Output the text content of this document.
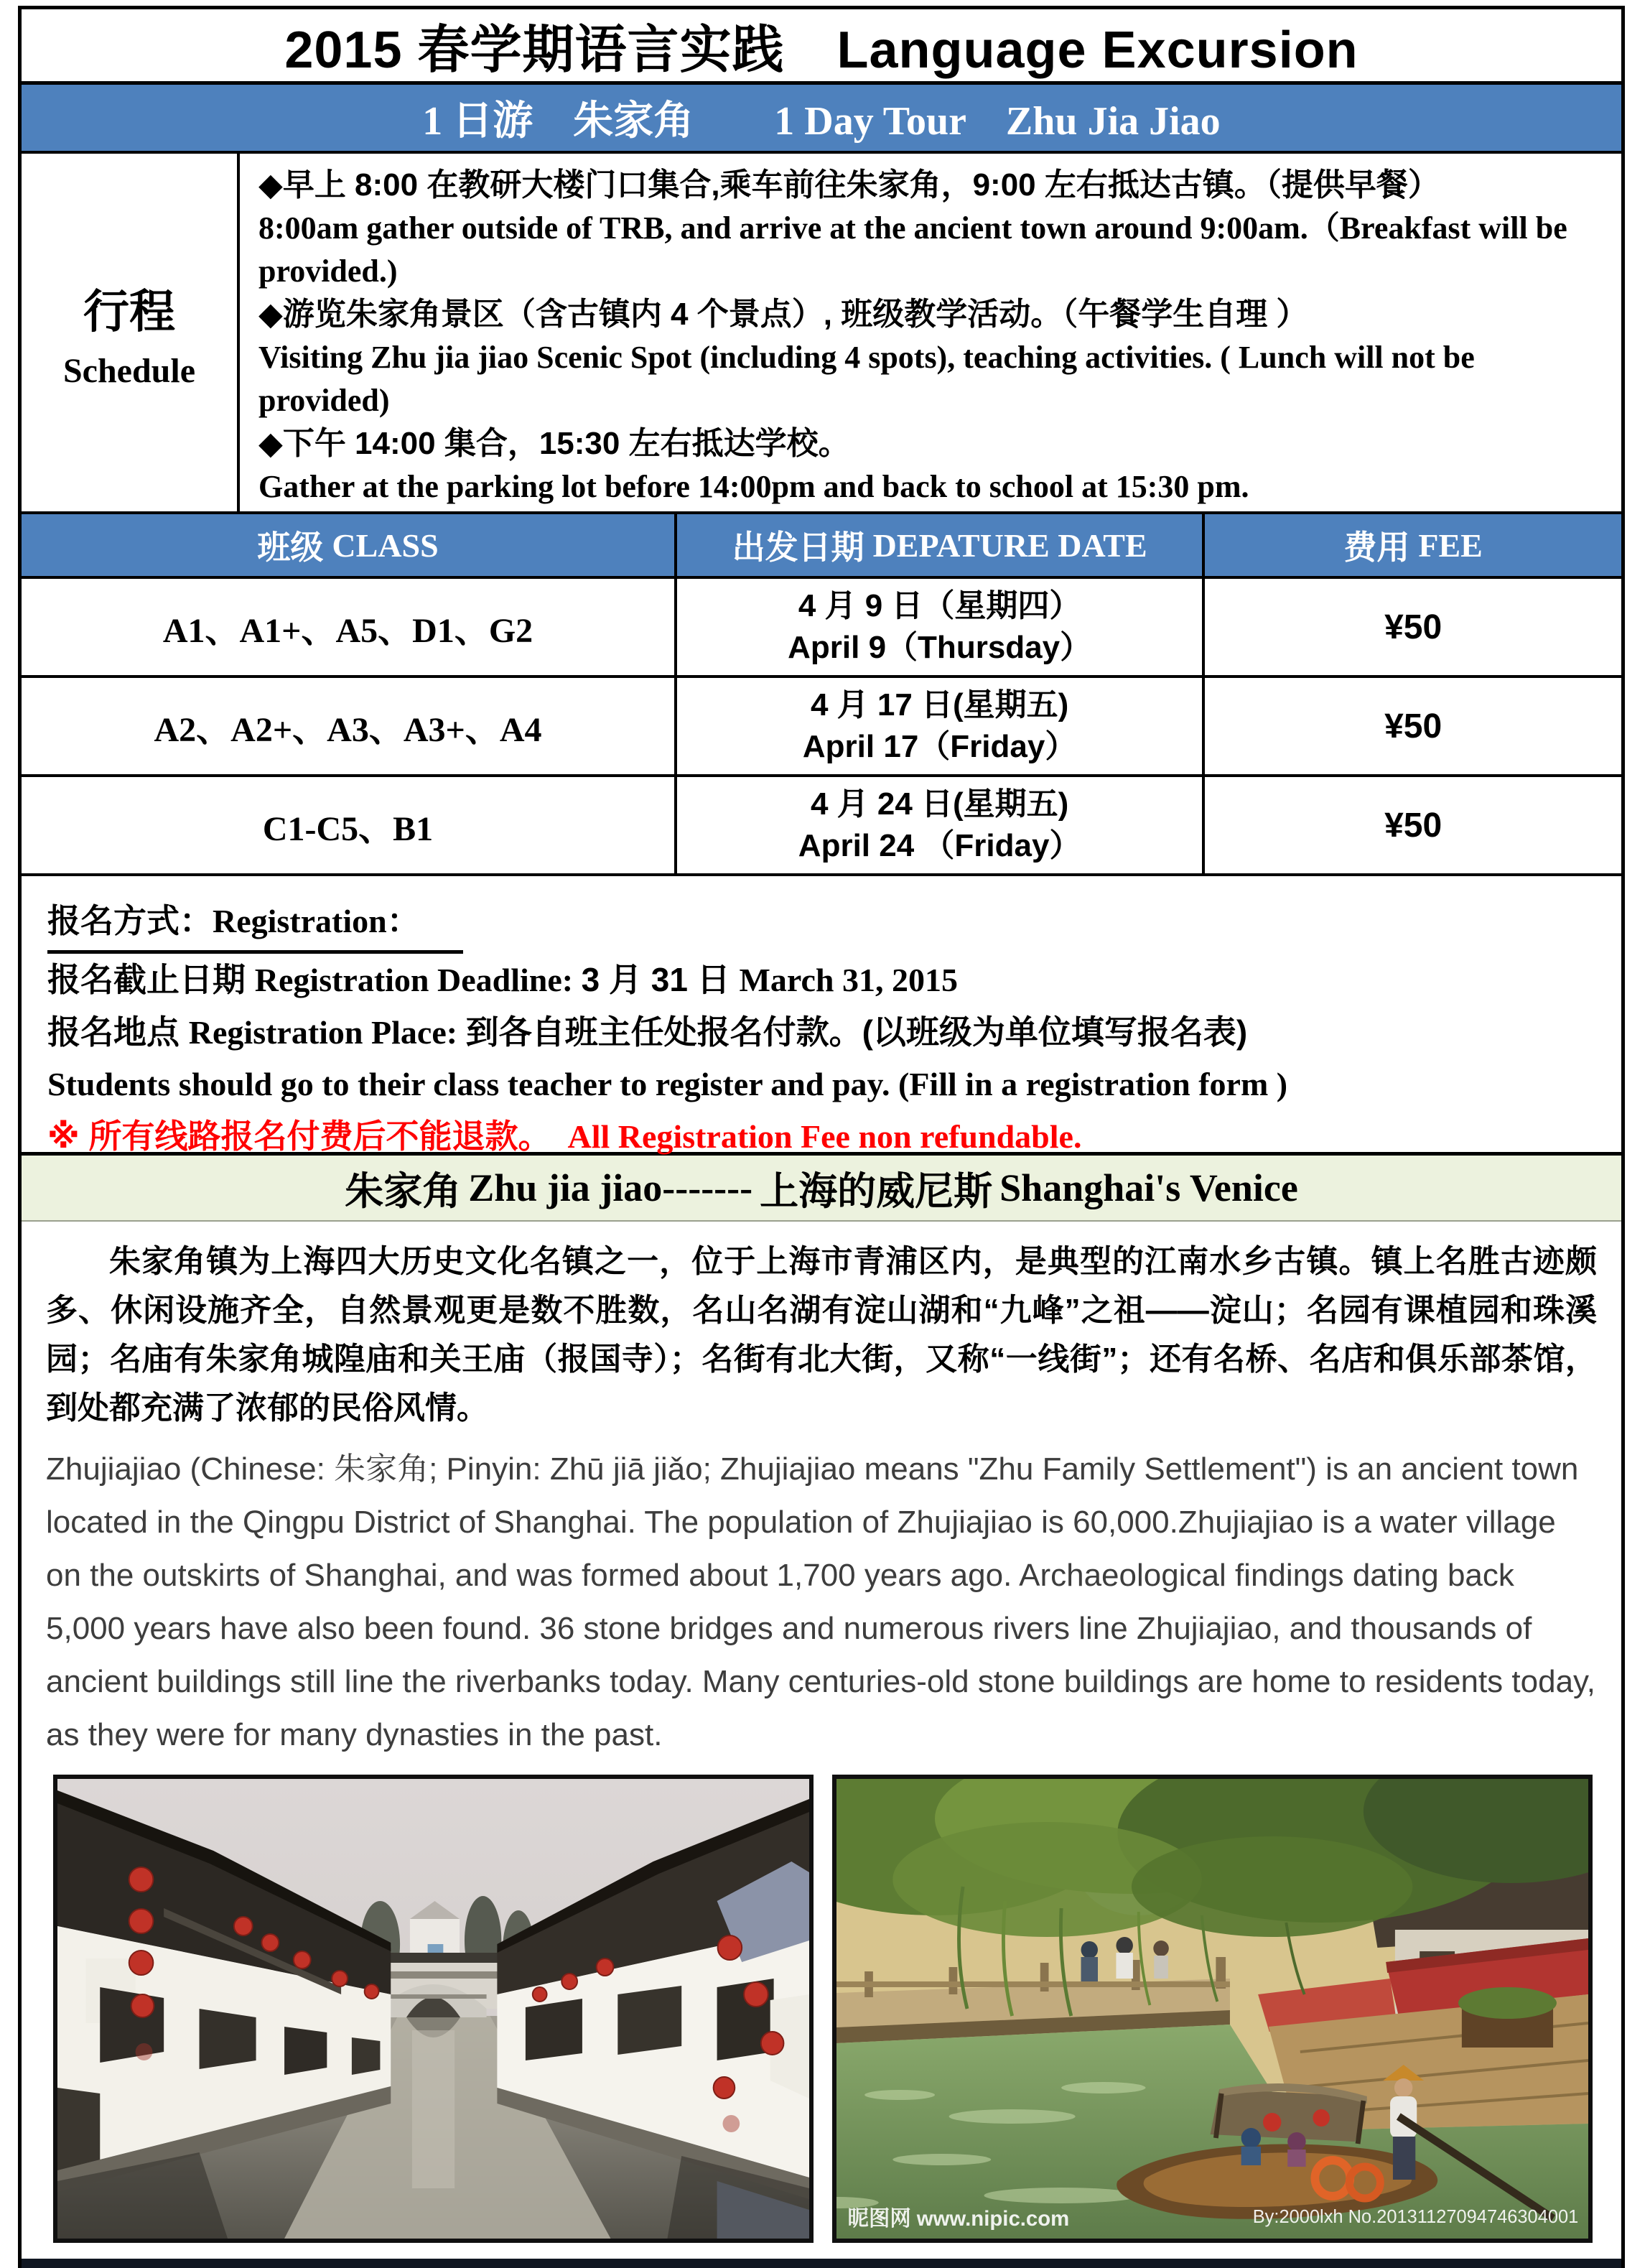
2015 春学期语言实践　Language Excursion
1 日游　朱家角　　1 Day Tour　Zhu Jia Jiao
行程
Schedule
◆早上 8:00 在教研大楼门口集合,乘车前往朱家角，9:00 左右抵达古镇。（提供早餐）
8:00am gather outside of TRB, and arrive at the ancient town around 9:00am.（Breakfast will be provided.)
◆游览朱家角景区（含古镇内 4 个景点）, 班级教学活动。（午餐学生自理 ）
Visiting Zhu jia jiao Scenic Spot (including 4 spots), teaching activities. ( Lunch will not be provided)
◆下午 14:00 集合，15:30 左右抵达学校。
Gather at the parking lot before 14:00pm and back to school at 15:30 pm.
班级 CLASS	出发日期 DEPATURE DATE	费用 FEE
A1、A1+、A5、D1、G2
4 月 9 日（星期四）
April 9（Thursday）
¥50
A2、A2+、A3、A3+、A4
4 月 17 日(星期五)
April 17（Friday）
¥50
C1-C5、B1
4 月 24 日(星期五)
April 24 （Friday）
¥50
报名方式：Registration：
报名截止日期 Registration Deadline: 3 月 31 日 March 31, 2015
报名地点 Registration Place: 到各自班主任处报名付款。(以班级为单位填写报名表)
Students should go to their class teacher to register and pay. (Fill in a registration form )
※ 所有线路报名付费后不能退款。　All Registration Fee non refundable.
朱家角 Zhu jia jiao------- 上海的威尼斯 Shanghai's Venice
朱家角镇为上海四大历史文化名镇之一，位于上海市青浦区内，是典型的江南水乡古镇。镇上名胜古迹颇多、休闲设施齐全，自然景观更是数不胜数，名山名湖有淀山湖和“九峰”之祖——淀山；名园有课植园和珠溪园；名庙有朱家角城隍庙和关王庙（报国寺）；名街有北大街，又称“一线街”；还有名桥、名店和俱乐部茶馆，到处都充满了浓郁的民俗风情。
Zhujiajiao (Chinese: 朱家角; Pinyin: Zhū jiā jiǎo; Zhujiajiao means "Zhu Family Settlement") is an ancient town located in the Qingpu District of Shanghai. The population of Zhujiajiao is 60,000.Zhujiajiao is a water village on the outskirts of Shanghai, and was formed about 1,700 years ago. Archaeological findings dating back 5,000 years have also been found. 36 stone bridges and numerous rivers line Zhujiajiao, and thousands of ancient buildings still line the riverbanks today. Many centuries-old stone buildings are home to residents today, as they were for many dynasties in the past.
昵图网 www.nipic.com	By:2000lxh No.20131127094746304001
